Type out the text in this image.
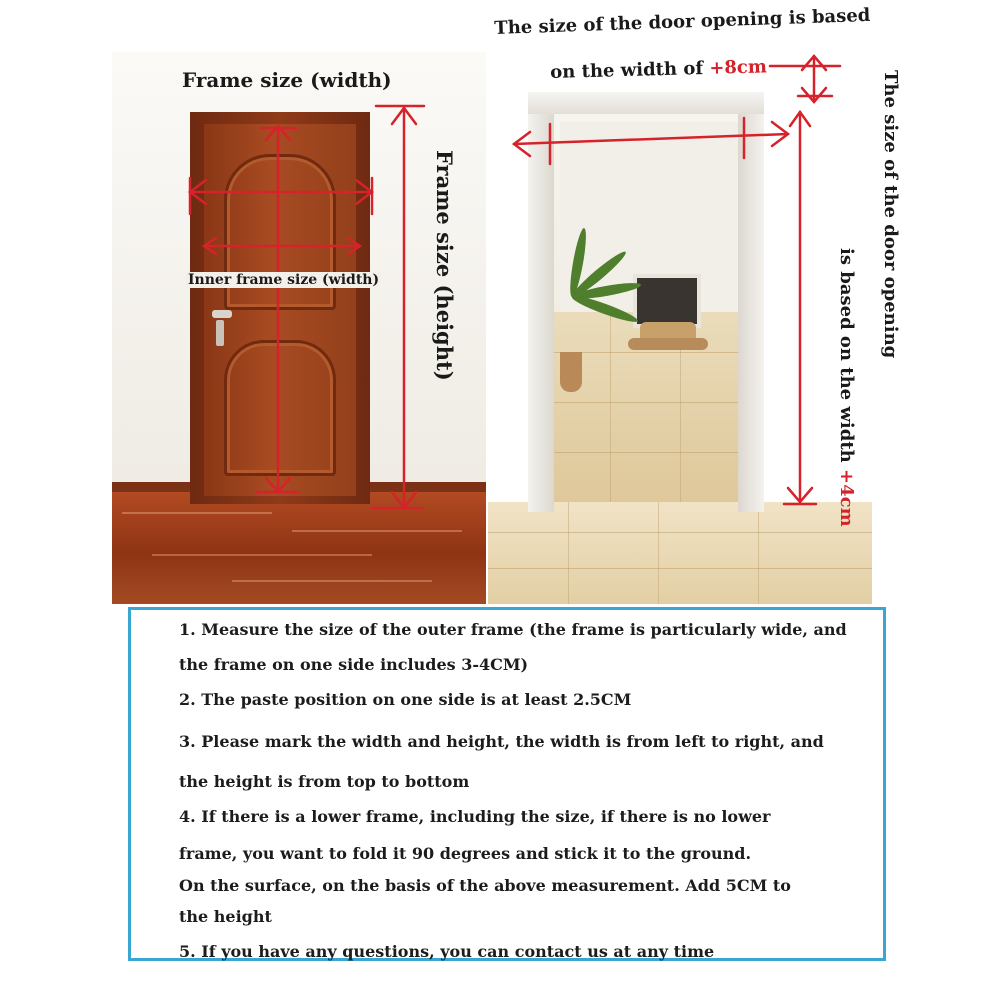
Frame size (width)
Inner frame size (width)	Frame size (height)
The size of the door opening is based
on the width of +8cm
The size of the door opening
is based on the width +4cm
1. Measure the size of the outer frame (the frame is particularly wide, and
the frame on one side includes 3-4CM)
2. The paste position on one side is at least 2.5CM
3. Please mark the width and height, the width is from left to right, and
the height is from top to bottom
4. If there is a lower frame, including the size, if there is no lower
frame, you want to fold it 90 degrees and stick it to the ground.
On the surface, on the basis of the above measurement. Add 5CM to
the height
5. If you have any questions, you can contact us at any time
